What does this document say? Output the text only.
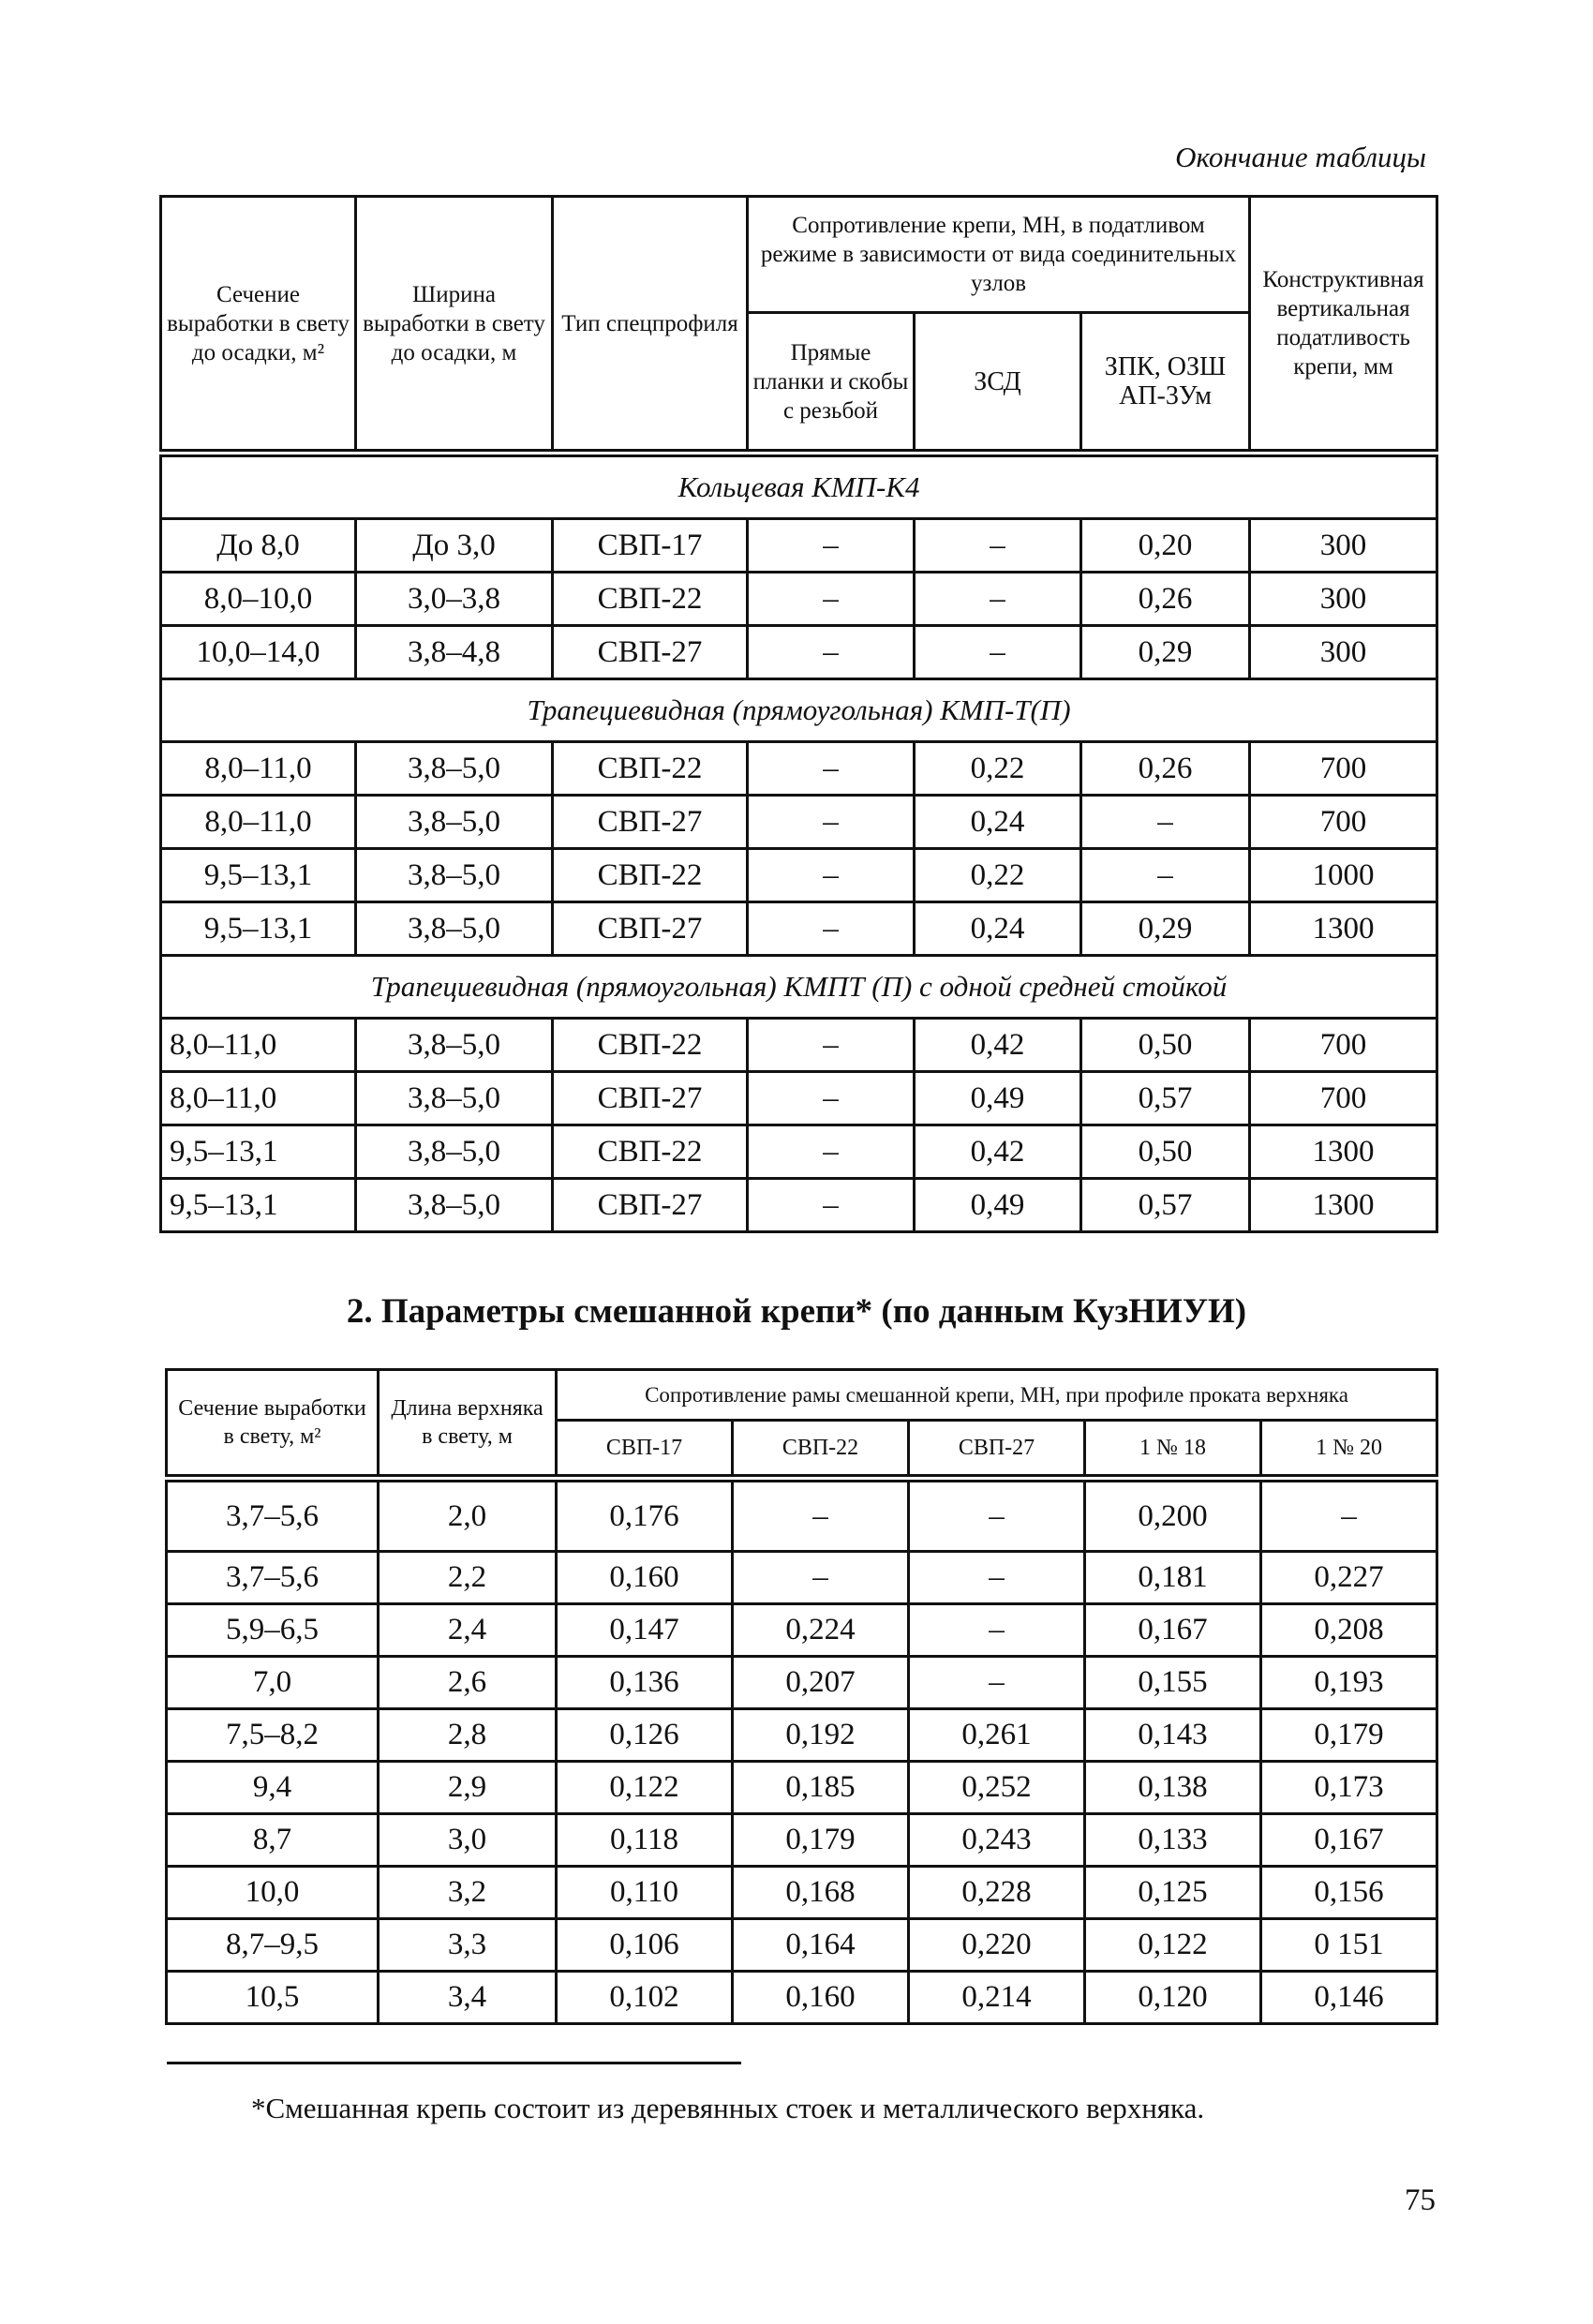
Окончание таблицы
Сечение выработки в свету до осадки, м²	Ширина выработки в свету до осадки, м	Тип спецпрофиля	Сопротивление крепи, МН, в податливом режиме в зависимости от вида соединительных узлов			Конструктивная вертикальная податливость крепи, мм
			Прямые планки и скобы с резьбой	ЗСД	ЗПК, ОЗШ АП-3Ум	
Кольцевая КМП-К4						
До 8,0	До 3,0	СВП-17	–	–	0,20	300
8,0–10,0	3,0–3,8	СВП-22	–	–	0,26	300
10,0–14,0	3,8–4,8	СВП-27	–	–	0,29	300
Трапециевидная (прямоугольная) КМП-Т(П)						
8,0–11,0	3,8–5,0	СВП-22	–	0,22	0,26	700
8,0–11,0	3,8–5,0	СВП-27	–	0,24	–	700
9,5–13,1	3,8–5,0	СВП-22	–	0,22	–	1000
9,5–13,1	3,8–5,0	СВП-27	–	0,24	0,29	1300
Трапециевидная (прямоугольная) КМПТ (П) с одной средней стойкой						
8,0–11,0	3,8–5,0	СВП-22	–	0,42	0,50	700
8,0–11,0	3,8–5,0	СВП-27	–	0,49	0,57	700
9,5–13,1	3,8–5,0	СВП-22	–	0,42	0,50	1300
9,5–13,1	3,8–5,0	СВП-27	–	0,49	0,57	1300
2. Параметры смешанной крепи* (по данным КузНИУИ)
Сечение выработки в свету, м²	Длина верхняка в свету, м	Сопротивление рамы смешанной крепи, МН, при профиле проката верхняка				
		СВП-17	СВП-22	СВП-27	1 № 18	1 № 20
3,7–5,6	2,0	0,176	–	–	0,200	–
3,7–5,6	2,2	0,160	–	–	0,181	0,227
5,9–6,5	2,4	0,147	0,224	–	0,167	0,208
7,0	2,6	0,136	0,207	–	0,155	0,193
7,5–8,2	2,8	0,126	0,192	0,261	0,143	0,179
9,4	2,9	0,122	0,185	0,252	0,138	0,173
8,7	3,0	0,118	0,179	0,243	0,133	0,167
10,0	3,2	0,110	0,168	0,228	0,125	0,156
8,7–9,5	3,3	0,106	0,164	0,220	0,122	0 151
10,5	3,4	0,102	0,160	0,214	0,120	0,146
*Смешанная крепь состоит из деревянных стоек и металлического верхняка.
75
